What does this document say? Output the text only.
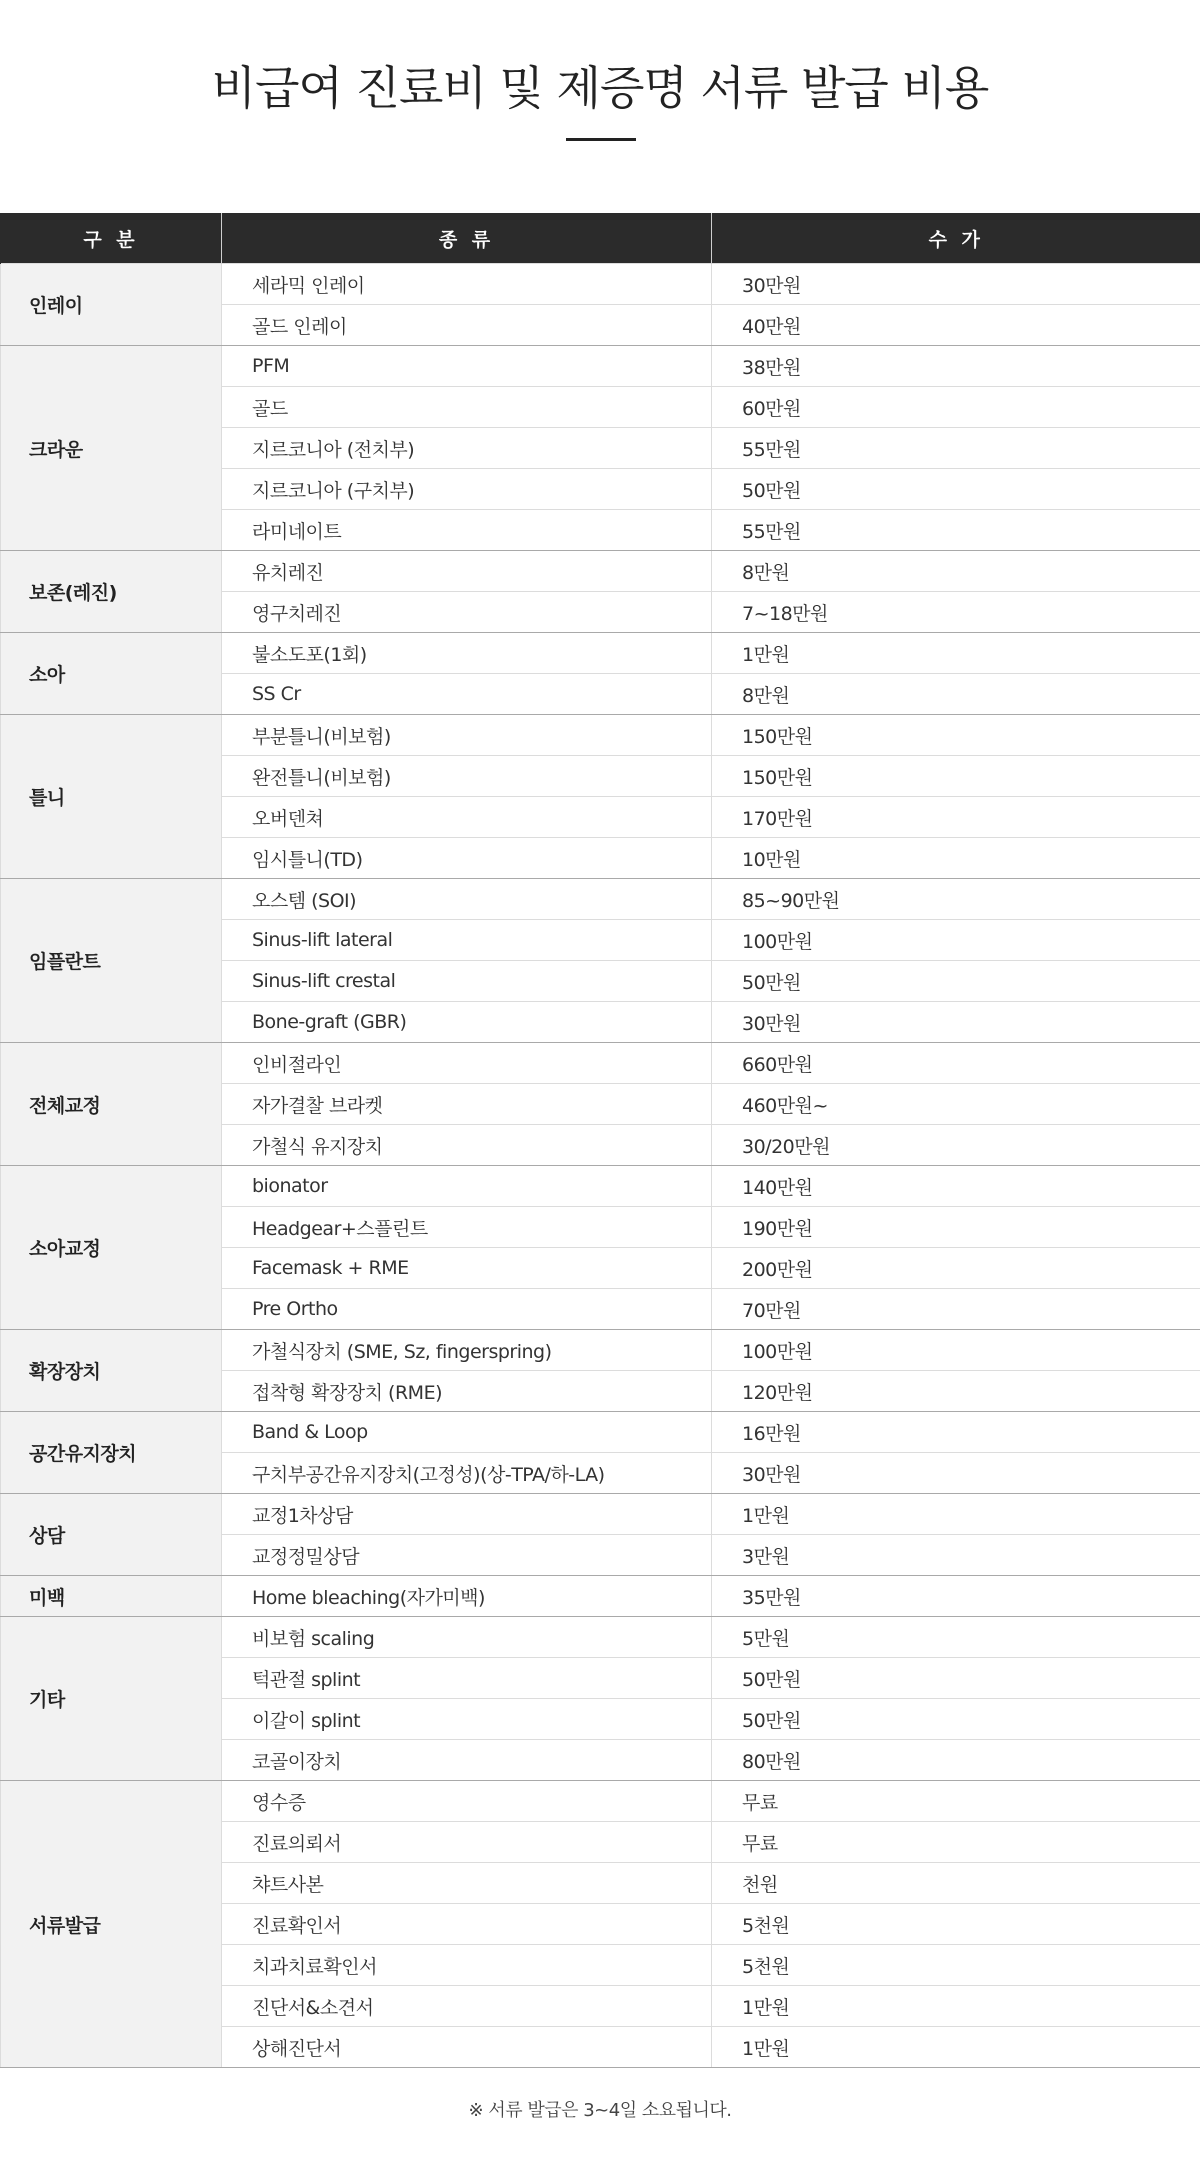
비급여 진료비 및 제증명 서류 발급 비용
구 분	종 류	수 가
인레이	세라믹 인레이	30만원
	골드 인레이	40만원
크라운	PFM	38만원
	골드	60만원
	지르코니아 (전치부)	55만원
	지르코니아 (구치부)	50만원
	라미네이트	55만원
보존(레진)	유치레진	8만원
	영구치레진	7~18만원
소아	불소도포(1회)	1만원
	SS Cr	8만원
틀니	부분틀니(비보험)	150만원
	완전틀니(비보험)	150만원
	오버덴쳐	170만원
	임시틀니(TD)	10만원
임플란트	오스템 (SOI)	85~90만원
	Sinus-lift lateral	100만원
	Sinus-lift crestal	50만원
	Bone-graft (GBR)	30만원
전체교정	인비절라인	660만원
	자가결찰 브라켓	460만원~
	가철식 유지장치	30/20만원
소아교정	bionator	140만원
	Headgear+스플린트	190만원
	Facemask + RME	200만원
	Pre Ortho	70만원
확장장치	가철식장치 (SME, Sz, fingerspring)	100만원
	접착형 확장장치 (RME)	120만원
공간유지장치	Band & Loop	16만원
	구치부공간유지장치(고정성)(상-TPA/하-LA)	30만원
상담	교정1차상담	1만원
	교정정밀상담	3만원
미백	Home bleaching(자가미백)	35만원
기타	비보험 scaling	5만원
	턱관절 splint	50만원
	이갈이 splint	50만원
	코골이장치	80만원
서류발급	영수증	무료
	진료의뢰서	무료
	챠트사본	천원
	진료확인서	5천원
	치과치료확인서	5천원
	진단서&소견서	1만원
	상해진단서	1만원

※ 서류 발급은 3~4일 소요됩니다.
